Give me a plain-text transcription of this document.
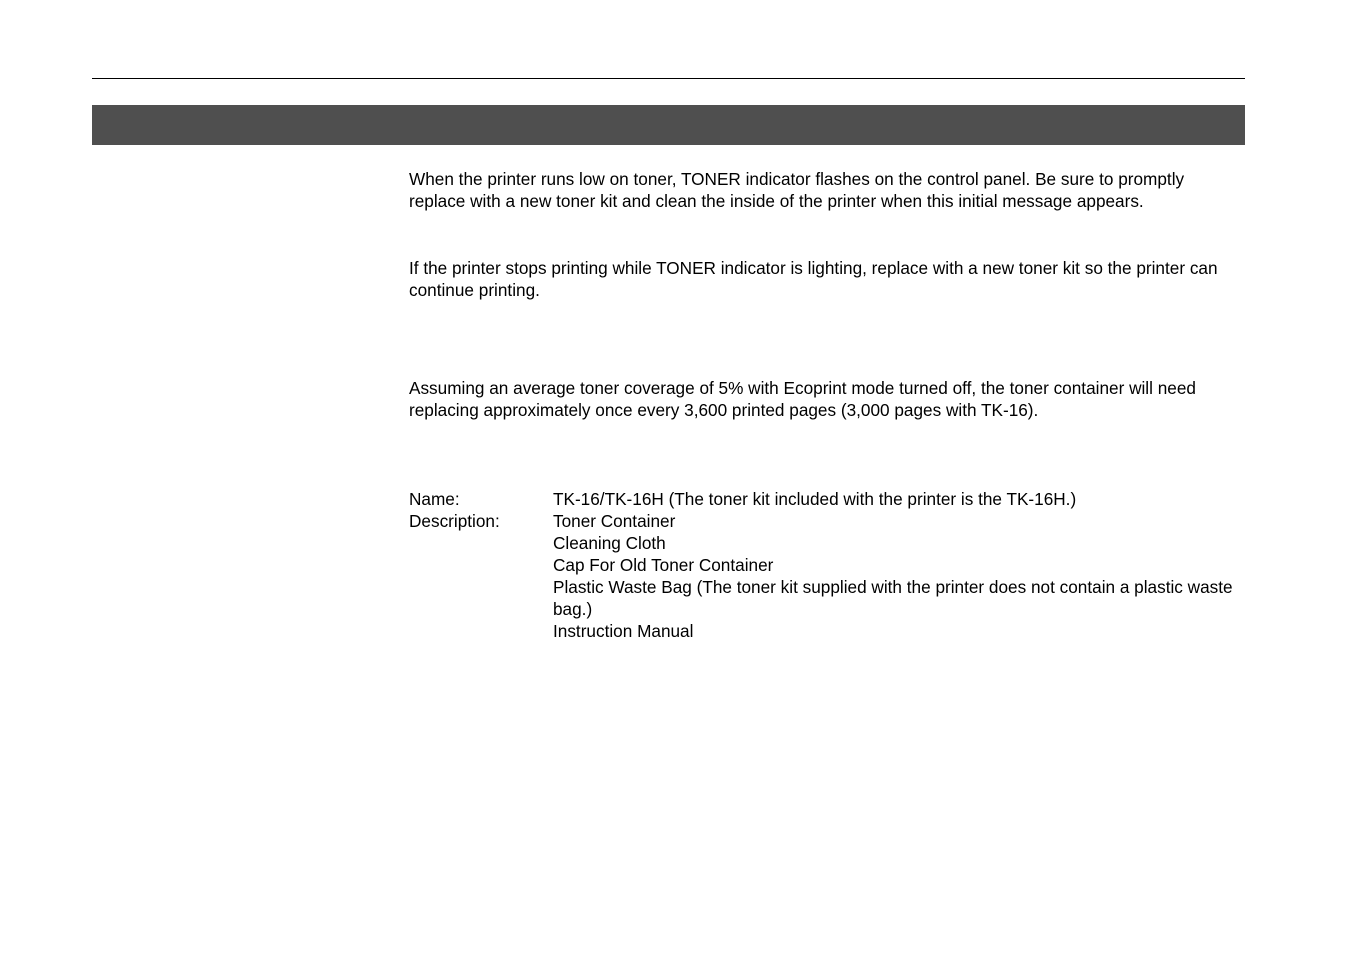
When the printer runs low on toner, TONER indicator flashes on the control panel. Be sure to promptly replace with a new toner kit and clean the inside of the printer when this initial message appears.

If the printer stops printing while TONER indicator is lighting, replace with a new toner kit so the printer can continue printing.

Assuming an average toner coverage of 5% with Ecoprint mode turned off, the toner container will need replacing approximately once every 3,600 printed pages (3,000 pages with TK-16).

Name:	TK-16/TK-16H (The toner kit included with the printer is the TK-16H.)
Description:	Toner Container
Cleaning Cloth
Cap For Old Toner Container
Plastic Waste Bag (The toner kit supplied with the printer does not contain a plastic waste bag.)
Instruction Manual
